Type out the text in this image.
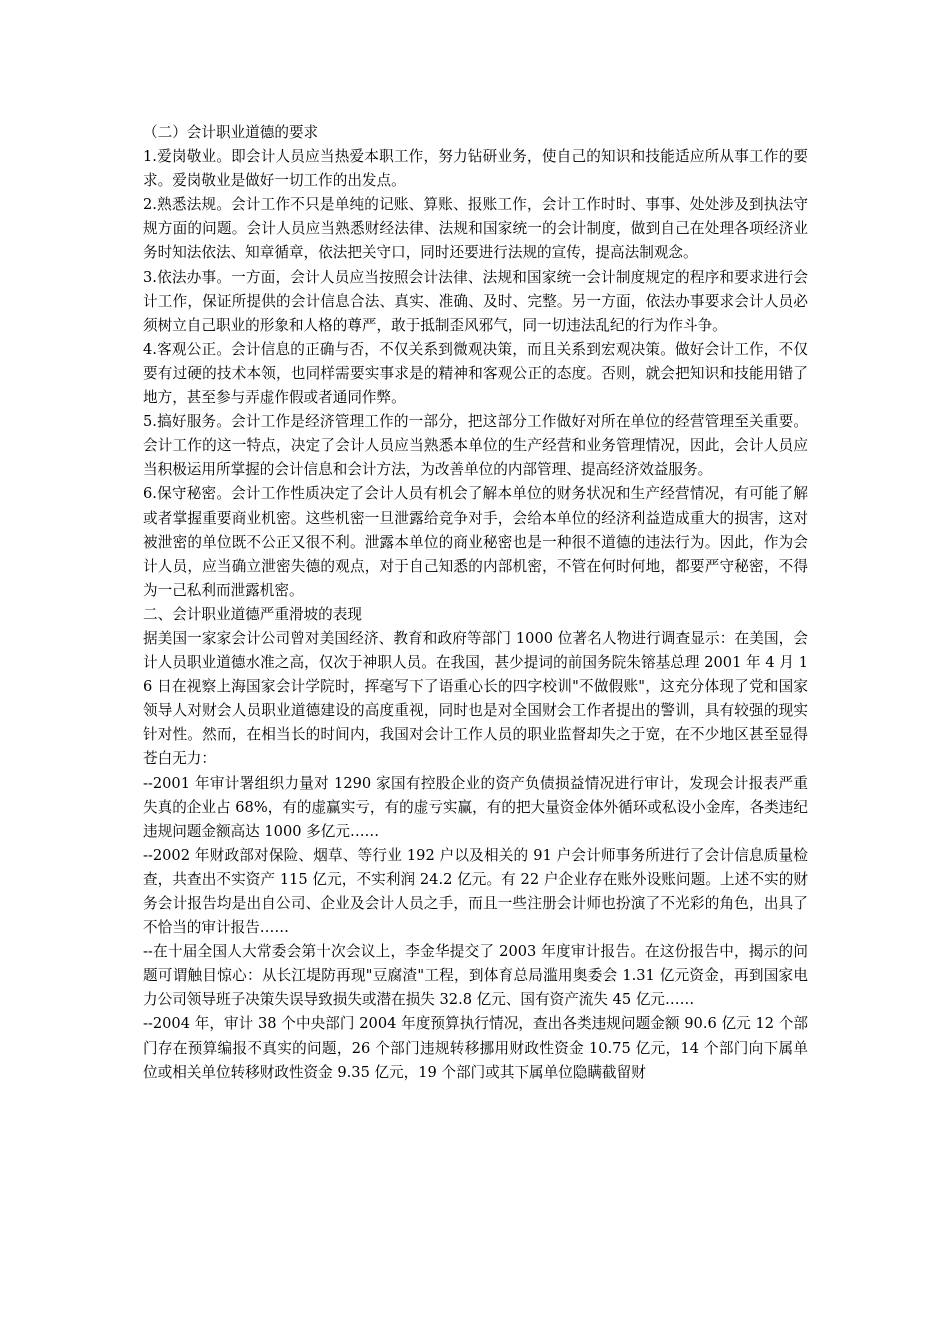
（二）会计职业道德的要求

1.爱岗敬业。即会计人员应当热爱本职工作，努力钻研业务，使自己的知识和技能适应所从事工作的要求。爱岗敬业是做好一切工作的出发点。

2.熟悉法规。会计工作不只是单纯的记账、算账、报账工作，会计工作时时、事事、处处涉及到执法守规方面的问题。会计人员应当熟悉财经法律、法规和国家统一的会计制度，做到自己在处理各项经济业务时知法依法、知章循章，依法把关守口，同时还要进行法规的宣传，提高法制观念。

3.依法办事。一方面，会计人员应当按照会计法律、法规和国家统一会计制度规定的程序和要求进行会计工作，保证所提供的会计信息合法、真实、准确、及时、完整。另一方面，依法办事要求会计人员必须树立自己职业的形象和人格的尊严，敢于抵制歪风邪气，同一切违法乱纪的行为作斗争。

4.客观公正。会计信息的正确与否，不仅关系到微观决策，而且关系到宏观决策。做好会计工作，不仅要有过硬的技术本领，也同样需要实事求是的精神和客观公正的态度。否则，就会把知识和技能用错了地方，甚至参与弄虚作假或者通同作弊。

5.搞好服务。会计工作是经济管理工作的一部分，把这部分工作做好对所在单位的经营管理至关重要。会计工作的这一特点，决定了会计人员应当熟悉本单位的生产经营和业务管理情况，因此，会计人员应当积极运用所掌握的会计信息和会计方法，为改善单位的内部管理、提高经济效益服务。

6.保守秘密。会计工作性质决定了会计人员有机会了解本单位的财务状况和生产经营情况，有可能了解或者掌握重要商业机密。这些机密一旦泄露给竞争对手，会给本单位的经济利益造成重大的损害，这对被泄密的单位既不公正又很不利。泄露本单位的商业秘密也是一种很不道德的违法行为。因此，作为会计人员，应当确立泄密失德的观点，对于自己知悉的内部机密，不管在何时何地，都要严守秘密，不得为一己私利而泄露机密。

二、会计职业道德严重滑坡的表现

据美国一家家会计公司曾对美国经济、教育和政府等部门 1000 位著名人物进行调查显示：在美国，会计人员职业道德水准之高，仅次于神职人员。在我国，甚少提词的前国务院朱镕基总理 2001 年 4 月 16 日在视察上海国家会计学院时，挥毫写下了语重心长的四字校训"不做假账"，这充分体现了党和国家领导人对财会人员职业道德建设的高度重视，同时也是对全国财会工作者提出的警训，具有较强的现实针对性。然而，在相当长的时间内，我国对会计工作人员的职业监督却失之于宽，在不少地区甚至显得苍白无力：

--2001 年审计署组织力量对 1290 家国有控股企业的资产负债损益情况进行审计，发现会计报表严重失真的企业占 68%，有的虚赢实亏，有的虚亏实赢，有的把大量资金体外循环或私设小金库，各类违纪违规问题金额高达 1000 多亿元……

--2002 年财政部对保险、烟草、等行业 192 户以及相关的 91 户会计师事务所进行了会计信息质量检查，共查出不实资产 115 亿元，不实利润 24.2 亿元。有 22 户企业存在账外设账问题。上述不实的财务会计报告均是出自公司、企业及会计人员之手，而且一些注册会计师也扮演了不光彩的角色，出具了不恰当的审计报告……

--在十届全国人大常委会第十次会议上，李金华提交了 2003 年度审计报告。在这份报告中，揭示的问题可谓触目惊心：从长江堤防再现"豆腐渣"工程，到体育总局滥用奥委会 1.31 亿元资金，再到国家电力公司领导班子决策失误导致损失或潜在损失 32.8 亿元、国有资产流失 45 亿元……

--2004 年，审计 38 个中央部门 2004 年度预算执行情况，查出各类违规问题金额 90.6 亿元 12 个部门存在预算编报不真实的问题，26 个部门违规转移挪用财政性资金 10.75 亿元，14 个部门向下属单位或相关单位转移财政性资金 9.35 亿元，19 个部门或其下属单位隐瞒截留财
